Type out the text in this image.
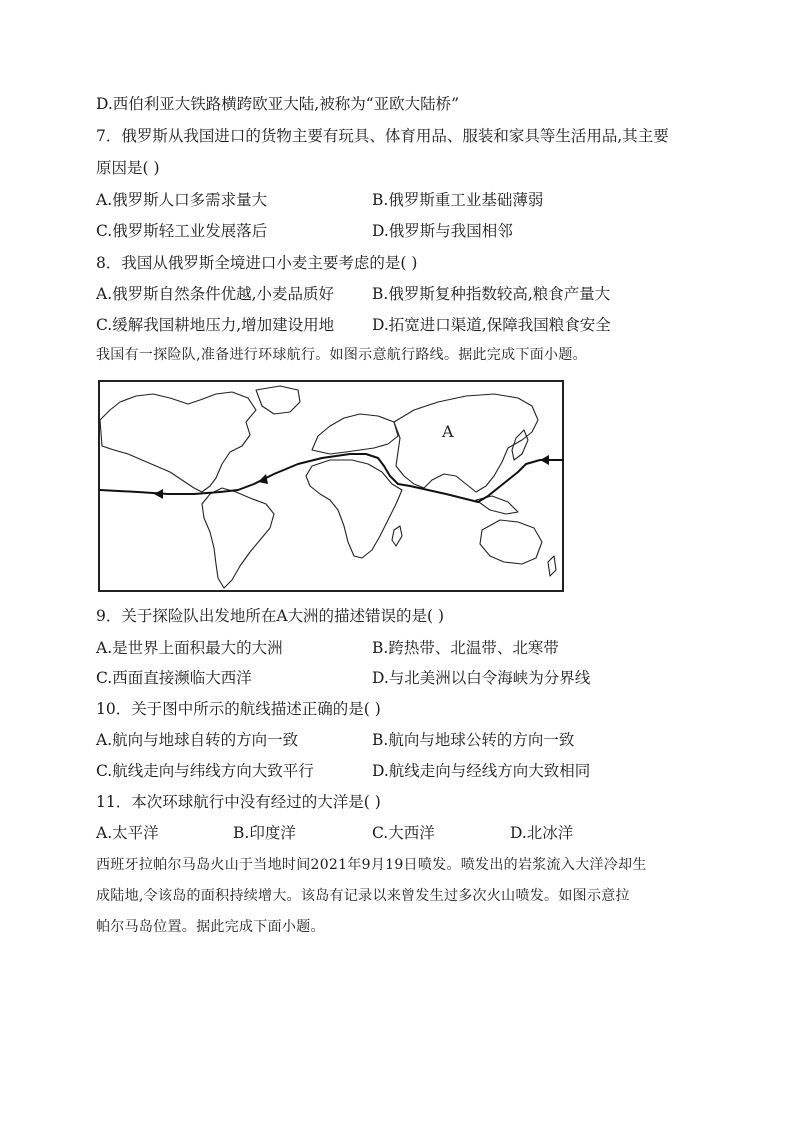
D.西伯利亚大铁路横跨欧亚大陆,被称为“亚欧大陆桥”
7．俄罗斯从我国进口的货物主要有玩具、体育用品、服装和家具等生活用品,其主要
原因是( )
A.俄罗斯人口多需求量大	B.俄罗斯重工业基础薄弱
C.俄罗斯轻工业发展落后	D.俄罗斯与我国相邻
8．我国从俄罗斯全境进口小麦主要考虑的是( )
A.俄罗斯自然条件优越,小麦品质好 B.俄罗斯复种指数较高,粮食产量大
C.缓解我国耕地压力,增加建设用地 D.拓宽进口渠道,保障我国粮食安全
我国有一探险队,准备进行环球航行。如图示意航行路线。据此完成下面小题。
A
9．关于探险队出发地所在A大洲的描述错误的是( )
A.是世界上面积最大的大洲	B.跨热带、北温带、北寒带
C.西面直接濒临大西洋	D.与北美洲以白令海峡为分界线
10．关于图中所示的航线描述正确的是( )
A.航向与地球自转的方向一致	B.航向与地球公转的方向一致
C.航线走向与纬线方向大致平行	D.航线走向与经线方向大致相同
11．本次环球航行中没有经过的大洋是( )
A.太平洋	B.印度洋	C.大西洋	D.北冰洋
西班牙拉帕尔马岛火山于当地时间2021年9月19日喷发。喷发出的岩浆流入大洋冷却生
成陆地,令该岛的面积持续增大。该岛有记录以来曾发生过多次火山喷发。如图示意拉
帕尔马岛位置。据此完成下面小题。
